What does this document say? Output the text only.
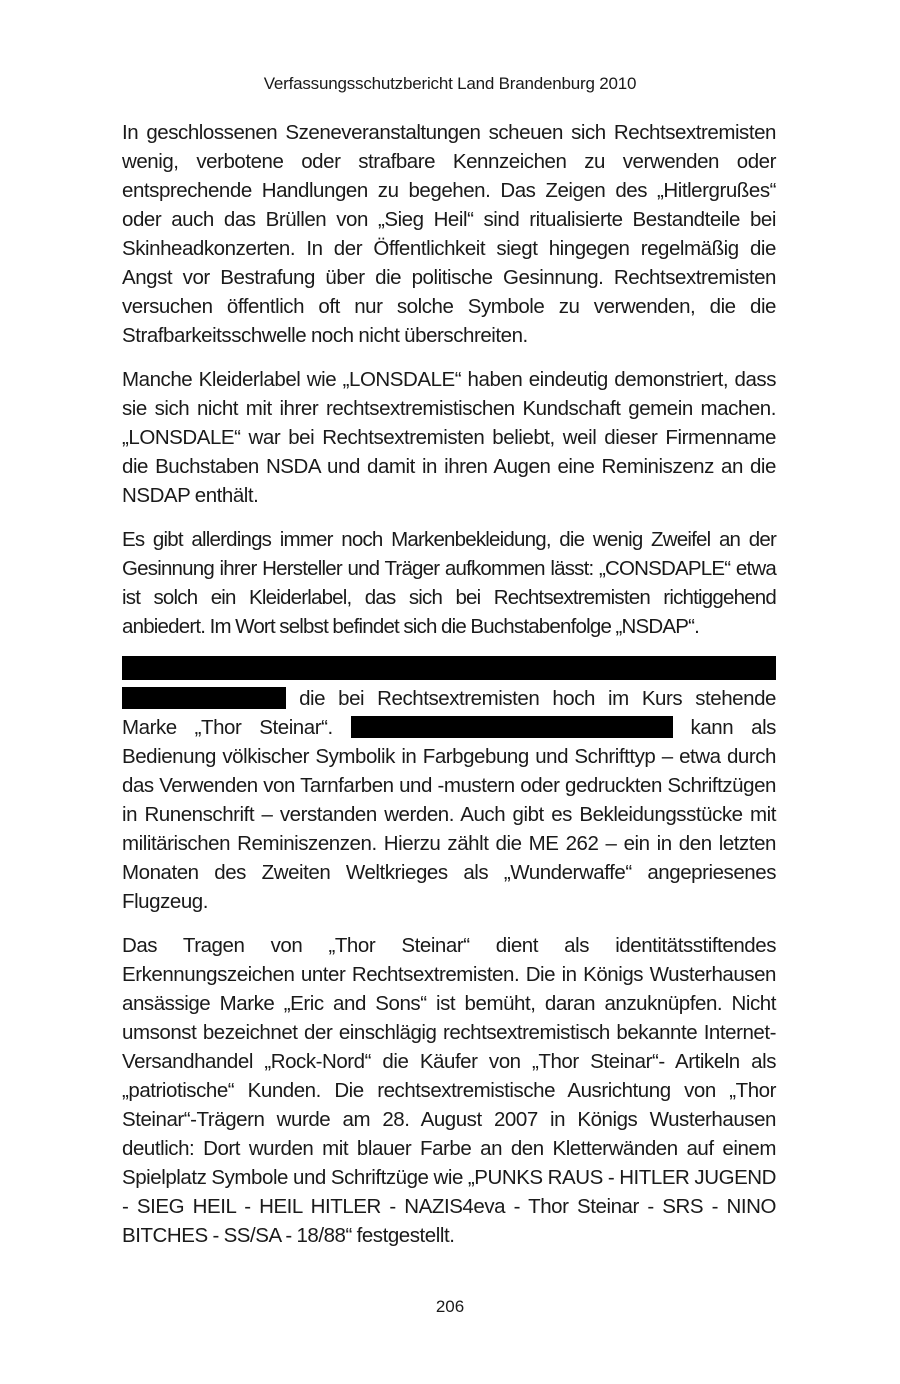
Verfassungsschutzbericht Land Brandenburg 2010

In geschlossenen Szeneveranstaltungen scheuen sich Rechtsextremisten wenig, verbotene oder strafbare Kennzeichen zu verwenden oder entsprechende Handlungen zu begehen. Das Zeigen des „Hitlergrußes“ oder auch das Brüllen von „Sieg Heil“ sind ritualisierte Bestandteile bei Skinheadkonzerten. In der Öffentlichkeit siegt hingegen regelmäßig die Angst vor Bestrafung über die politische Gesinnung. Rechtsextremisten versuchen öffentlich oft nur solche Symbole zu verwenden, die die Strafbarkeitsschwelle noch nicht überschreiten.

Manche Kleiderlabel wie „LONSDALE“ haben eindeutig demonstriert, dass sie sich nicht mit ihrer rechtsextremistischen Kundschaft gemein machen. „LONSDALE“ war bei Rechtsextremisten beliebt, weil dieser Firmenname die Buchstaben NSDA und damit in ihren Augen eine Reminiszenz an die NSDAP enthält.

Es gibt allerdings immer noch Markenbekleidung, die wenig Zweifel an der Gesinnung ihrer Hersteller und Träger aufkommen lässt: „CONSDAPLE“ etwa ist solch ein Kleiderlabel, das sich bei Rechtsextremisten richtiggehend anbiedert. Im Wort selbst befindet sich die Buchstabenfolge „NSDAP“.

die bei Rechtsextremisten hoch im Kurs stehende Marke „Thor Steinar“.	kann als Bedienung völkischer Symbolik in Farbgebung und Schrifttyp – etwa durch das Verwenden von Tarnfarben und -mustern oder gedruckten Schriftzügen in Runenschrift – verstanden werden. Auch gibt es Bekleidungsstücke mit militärischen Reminiszenzen. Hierzu zählt die ME 262 – ein in den letzten Monaten des Zweiten Weltkrieges als „Wunderwaffe“ angepriesenes Flugzeug.

Das Tragen von „Thor Steinar“ dient als identitätsstiftendes Erkennungszeichen unter Rechtsextremisten. Die in Königs Wusterhausen ansässige Marke „Eric and Sons“ ist bemüht, daran anzuknüpfen. Nicht umsonst bezeichnet der einschlägig rechtsextremistisch bekannte Internet-Versandhandel „Rock-Nord“ die Käufer von „Thor Steinar“- Artikeln als „patriotische“ Kunden. Die rechtsextremistische Ausrichtung von „Thor Steinar“-Trägern wurde am 28. August 2007 in Königs Wusterhausen deutlich: Dort wurden mit blauer Farbe an den Kletterwänden auf einem Spielplatz Symbole und Schriftzüge wie „PUNKS RAUS - HITLER JUGEND - SIEG HEIL - HEIL HITLER - NAZIS4eva - Thor Steinar - SRS - NINO BITCHES - SS/SA - 18/88“ festgestellt.

206
